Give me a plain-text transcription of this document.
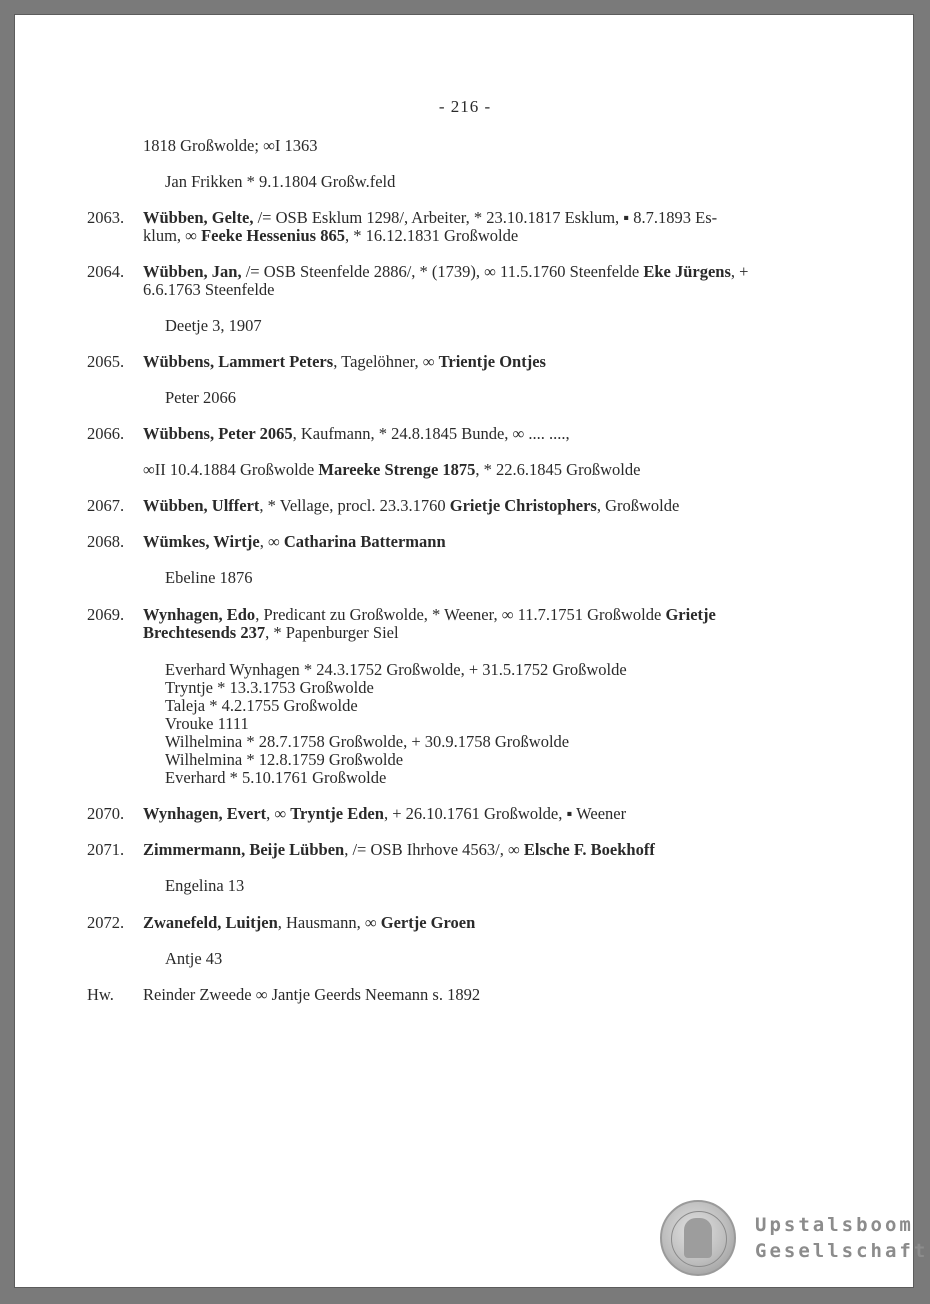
- 216 -
1818 Großwolde; ∞I 1363
Jan Frikken * 9.1.1804 Großw.feld
2063. Wübben, Gelte, /= OSB Esklum 1298/, Arbeiter, * 23.10.1817 Esklum, ▪ 8.7.1893 Es-
klum, ∞ Feeke Hessenius 865, * 16.12.1831 Großwolde
2064. Wübben, Jan, /= OSB Steenfelde 2886/, * (1739), ∞ 11.5.1760 Steenfelde Eke Jürgens, +
6.6.1763 Steenfelde
Deetje 3, 1907
2065. Wübbens, Lammert Peters, Tagelöhner, ∞ Trientje Ontjes
Peter 2066
2066. Wübbens, Peter 2065, Kaufmann, * 24.8.1845 Bunde, ∞ .... ....,
∞II 10.4.1884 Großwolde Mareeke Strenge 1875, * 22.6.1845 Großwolde
2067. Wübben, Ulffert, * Vellage, procl. 23.3.1760 Grietje Christophers, Großwolde
2068. Wümkes, Wirtje, ∞ Catharina Battermann
Ebeline 1876
2069. Wynhagen, Edo, Predicant zu Großwolde, * Weener, ∞ 11.7.1751 Großwolde Grietje
Brechtesends 237, * Papenburger Siel
Everhard Wynhagen * 24.3.1752 Großwolde, + 31.5.1752 Großwolde
Tryntje * 13.3.1753 Großwolde
Taleja * 4.2.1755 Großwolde
Vrouke 1111
Wilhelmina * 28.7.1758 Großwolde, + 30.9.1758 Großwolde
Wilhelmina * 12.8.1759 Großwolde
Everhard * 5.10.1761 Großwolde
2070. Wynhagen, Evert, ∞ Tryntje Eden, + 26.10.1761 Großwolde, ▪ Weener
2071. Zimmermann, Beije Lübben, /= OSB Ihrhove 4563/, ∞ Elsche F. Boekhoff
Engelina 13
2072. Zwanefeld, Luitjen, Hausmann, ∞ Gertje Groen
Antje 43
Hw. Reinder Zweede ∞ Jantje Geerds Neemann s. 1892
Upstalsboom
Gesellschaft
